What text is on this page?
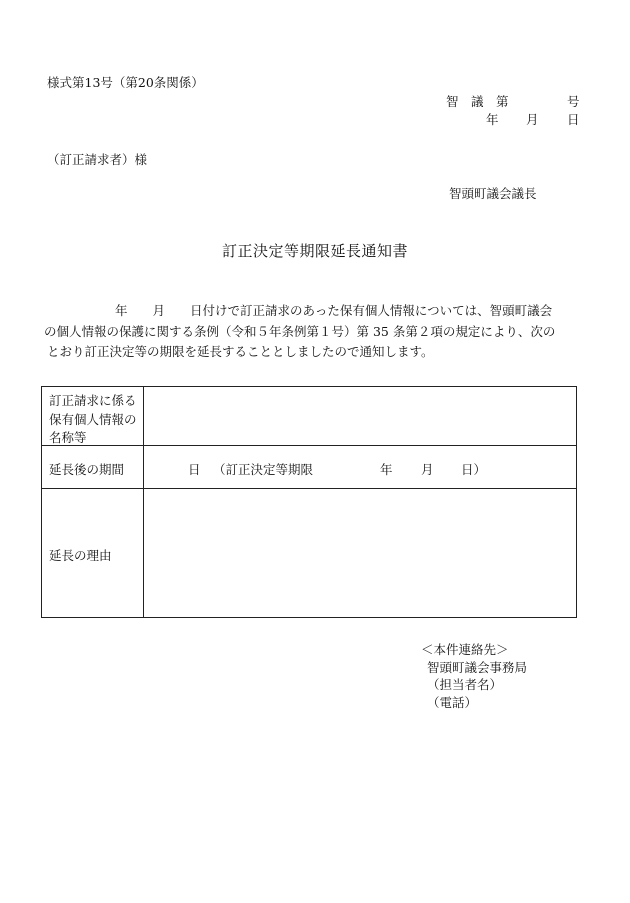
様式第13号（第20条関係）
智　議　第	号
年 月 日
（訂正請求者）様
智頭町議会議長
訂正決定等期限延長通知書
年　　月　　日付けで訂正請求のあった保有個人情報については、智頭町議会
の個人情報の保護に関する条例（令和５年条例第１号）第 35 条第２項の規定により、次の
とおり訂正決定等の期限を延長することとしましたので通知します。
訂正請求に係る保有個人情報の名称等
延長後の期間	日 （訂正決定等期限	年 月 日）
延長の理由
＜本件連絡先＞
智頭町議会事務局
（担当者名）
（電話）
